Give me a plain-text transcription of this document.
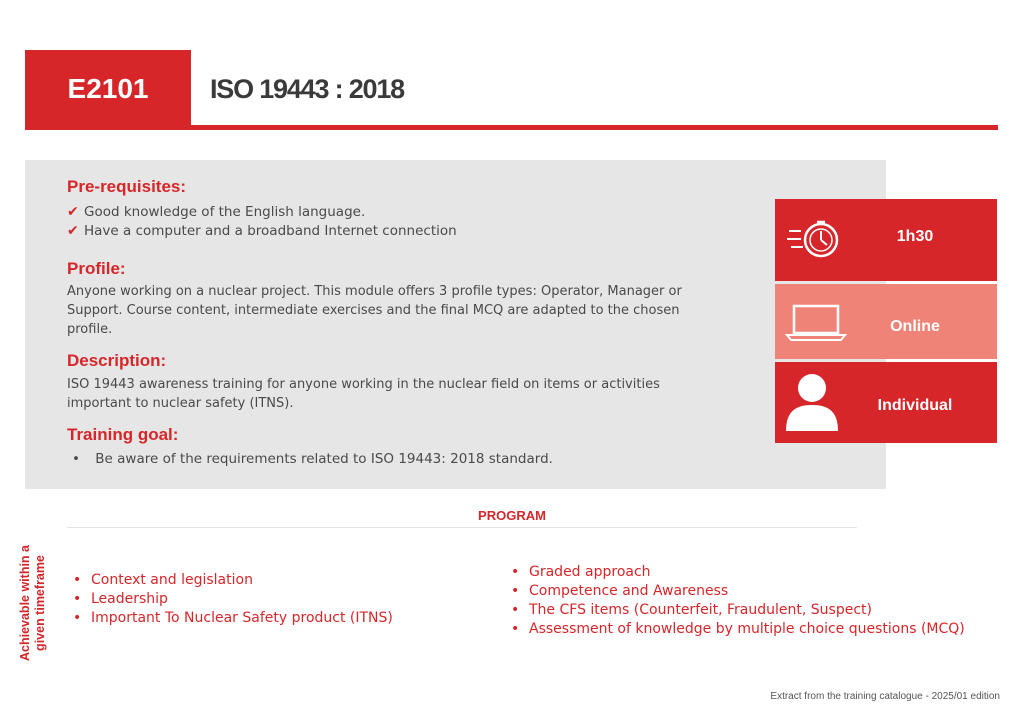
E2101 ISO 19443 : 2018
Pre-requisites:
✔ Good knowledge of the English language.
✔ Have a computer and a broadband Internet connection
Profile:
Anyone working on a nuclear project. This module offers 3 profile types: Operator, Manager or
Support. Course content, intermediate exercises and the final MCQ are adapted to the chosen
profile.
Description:
ISO 19443 awareness training for anyone working in the nuclear field on items or activities
important to nuclear safety (ITNS).
Training goal:
• Be aware of the requirements related to ISO 19443: 2018 standard.
1h30
Online
Individual
PROGRAM
Achievable within a given timeframe • Context and legislation
• Leadership
• Important To Nuclear Safety product (ITNS)
• Graded approach
• Competence and Awareness
• The CFS items (Counterfeit, Fraudulent, Suspect)
• Assessment of knowledge by multiple choice questions (MCQ)
Extract from the training catalogue - 2025/01 edition
